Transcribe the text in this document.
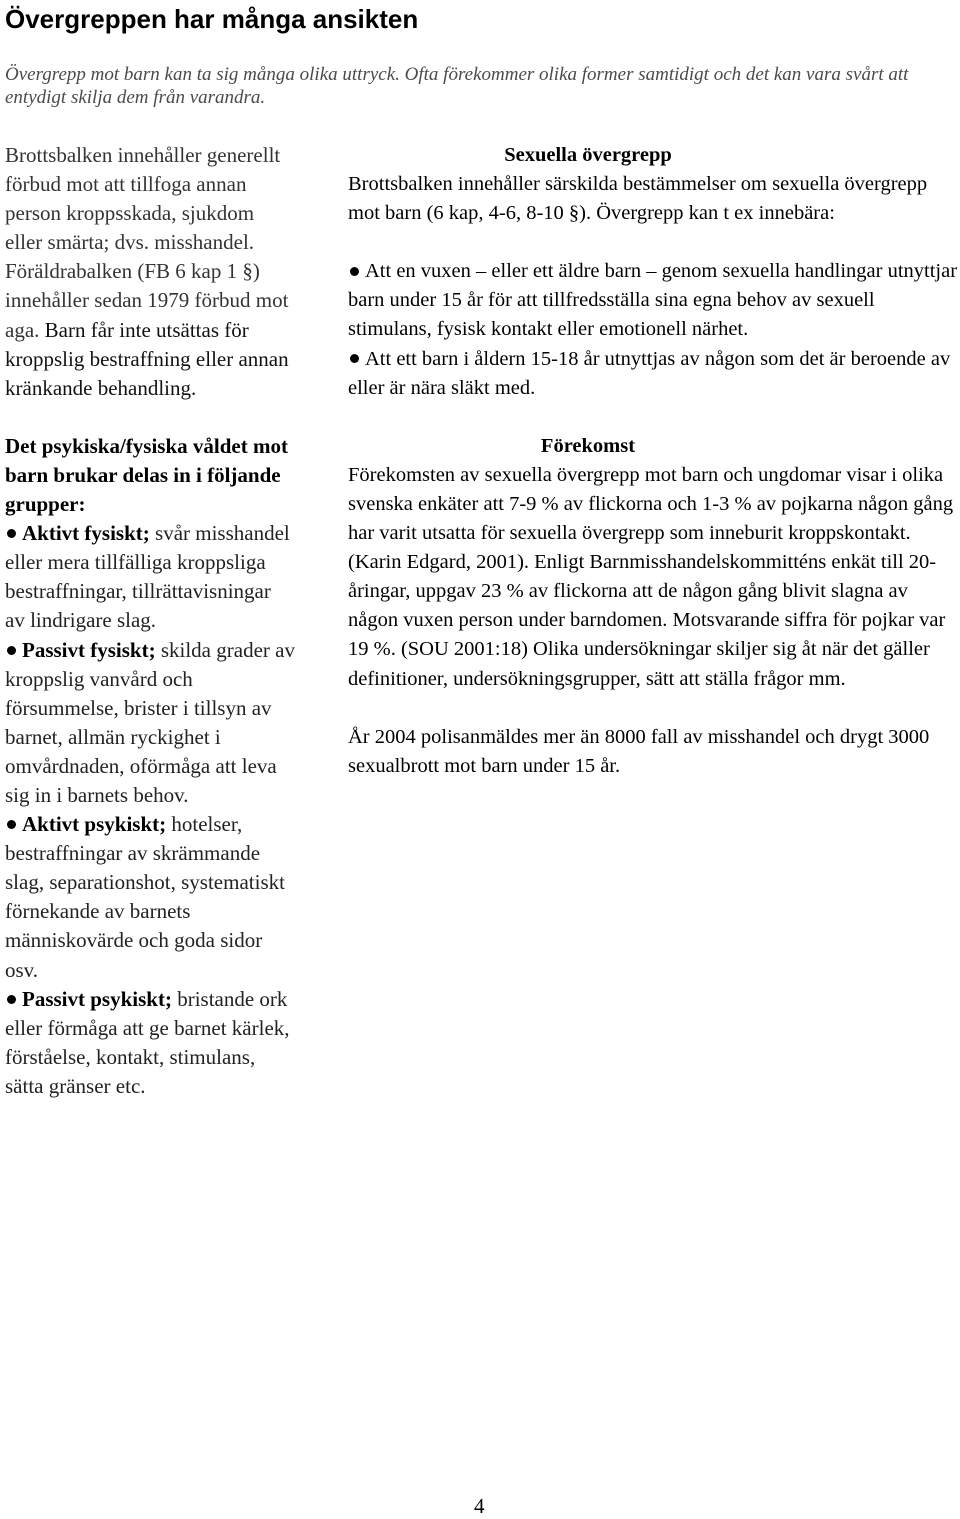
Övergreppen har många ansikten

Övergrepp mot barn kan ta sig många olika uttryck. Ofta förekommer olika former samtidigt och det kan vara svårt att entydigt skilja dem från varandra.

Brottsbalken innehåller generellt förbud mot att tillfoga annan person kroppsskada, sjukdom eller smärta; dvs. misshandel. Föräldrabalken (FB 6 kap 1 §) innehåller sedan 1979 förbud mot aga. Barn får inte utsättas för kroppslig bestraffning eller annan kränkande behandling.

Det psykiska/fysiska våldet mot barn brukar delas in i följande grupper:

Aktivt fysiskt; svår misshandel eller mera tillfälliga kroppsliga bestraffningar, tillrättavisningar av lindrigare slag.
Passivt fysiskt; skilda grader av kroppslig vanvård och försummelse, brister i tillsyn av barnet, allmän ryckighet i omvårdnaden, oförmåga att leva sig in i barnets behov.
Aktivt psykiskt; hotelser, bestraffningar av skrämmande slag, separationshot, systematiskt förnekande av barnets människovärde och goda sidor osv.
Passivt psykiskt; bristande ork eller förmåga att ge barnet kärlek, förståelse, kontakt, stimulans, sätta gränser etc.
Sexuella övergrepp

Brottsbalken innehåller särskilda bestämmelser om sexuella övergrepp mot barn (6 kap, 4-6, 8-10 §). Övergrepp kan t ex innebära:

Att en vuxen – eller ett äldre barn – genom sexuella handlingar utnyttjar barn under 15 år för att tillfredsställa sina egna behov av sexuell stimulans, fysisk kontakt eller emotionell närhet.
Att ett barn i åldern 15-18 år utnyttjas av någon som det är beroende av eller är nära släkt med.
Förekomst

Förekomsten av sexuella övergrepp mot barn och ungdomar visar i olika svenska enkäter att 7-9 % av flickorna och 1-3 % av pojkarna någon gång har varit utsatta för sexuella övergrepp som inneburit kroppskontakt. (Karin Edgard, 2001). Enligt Barnmisshandelskommitténs enkät till 20-åringar, uppgav 23 % av flickorna att de någon gång blivit slagna av någon vuxen person under barndomen. Motsvarande siffra för pojkar var 19 %. (SOU 2001:18) Olika undersökningar skiljer sig åt när det gäller definitioner, undersökningsgrupper, sätt att ställa frågor mm.

År 2004 polisanmäldes mer än 8000 fall av misshandel och drygt 3000 sexualbrott mot barn under 15 år.

4
